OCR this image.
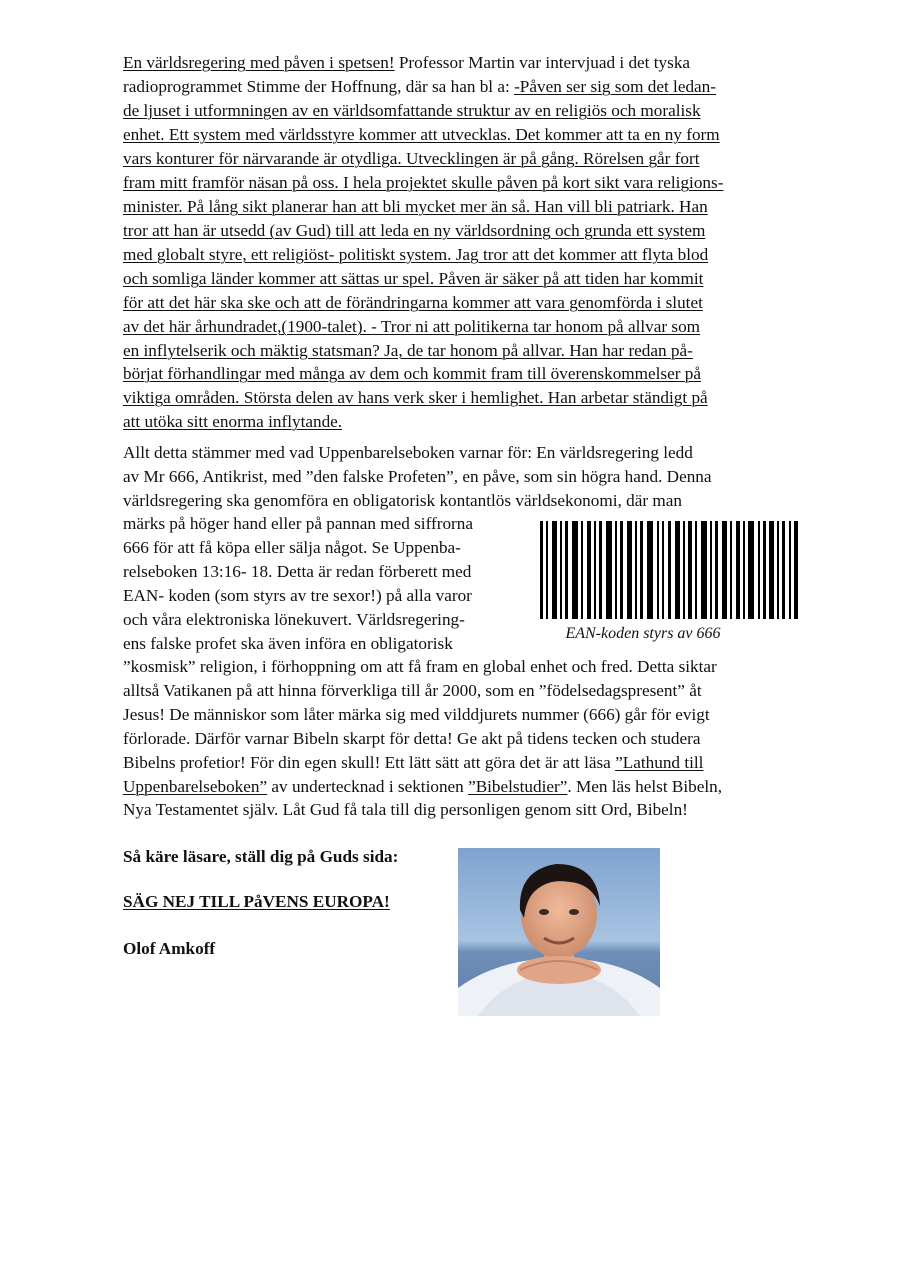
En världsregering med påven i spetsen! Professor Martin var intervjuad i det tyska
radioprogrammet Stimme der Hoffnung, där sa han bl a: -Påven ser sig som det ledan-
de ljuset i utformningen av en världsomfattande struktur av en religiös och moralisk
enhet. Ett system med världsstyre kommer att utvecklas. Det kommer att ta en ny form
vars konturer för närvarande är otydliga. Utvecklingen är på gång. Rörelsen går fort
fram mitt framför näsan på oss. I hela projektet skulle påven på kort sikt vara religions-
minister. På lång sikt planerar han att bli mycket mer än så. Han vill bli patriark. Han
tror att han är utsedd (av Gud) till att leda en ny världsordning och grunda ett system
med globalt styre, ett religiöst- politiskt system. Jag tror att det kommer att flyta blod
och somliga länder kommer att sättas ur spel. Påven är säker på att tiden har kommit
för att det här ska ske och att de förändringarna kommer att vara genomförda i slutet
av det här århundradet,(1900-talet). - Tror ni att politikerna tar honom på allvar som
en inflytelserik och mäktig statsman? Ja, de tar honom på allvar. Han har redan på-
börjat förhandlingar med många av dem och kommit fram till överenskommelser på
viktiga områden. Största delen av hans verk sker i hemlighet. Han arbetar ständigt på
att utöka sitt enorma inflytande.
Allt detta stämmer med vad Uppenbarelseboken varnar för: En världsregering ledd
av Mr 666, Antikrist, med ”den falske Profeten”, en påve, som sin högra hand. Denna
världsregering ska genomföra en obligatorisk kontantlös världsekonomi, där man
märks på höger hand eller på pannan med siffrorna
666 för att få köpa eller sälja något. Se Uppenba-
relseboken 13:16- 18. Detta är redan förberett med
EAN- koden (som styrs av tre sexor!) på alla varor
och våra elektroniska lönekuvert. Världsregering-
ens falske profet ska även införa en obligatorisk
”kosmisk” religion, i förhoppning om att få fram en global enhet och fred. Detta siktar
alltså Vatikanen på att hinna förverkliga till år 2000, som en ”födelsedagspresent” åt
Jesus! De människor som låter märka sig med vilddjurets nummer (666) går för evigt
förlorade. Därför varnar Bibeln skarpt för detta! Ge akt på tidens tecken och studera
Bibelns profetior! För din egen skull! Ett lätt sätt att göra det är att läsa ”Lathund till
Uppenbarelseboken” av undertecknad i sektionen ”Bibelstudier”. Men läs helst Bibeln,
Nya Testamentet själv. Låt Gud få tala till dig personligen genom sitt Ord, Bibeln!
EAN-koden styrs av 666
Så käre läsare, ställ dig på Guds sida:
SÄG NEJ TILL PåVENS EUROPA!
Olof Amkoff
